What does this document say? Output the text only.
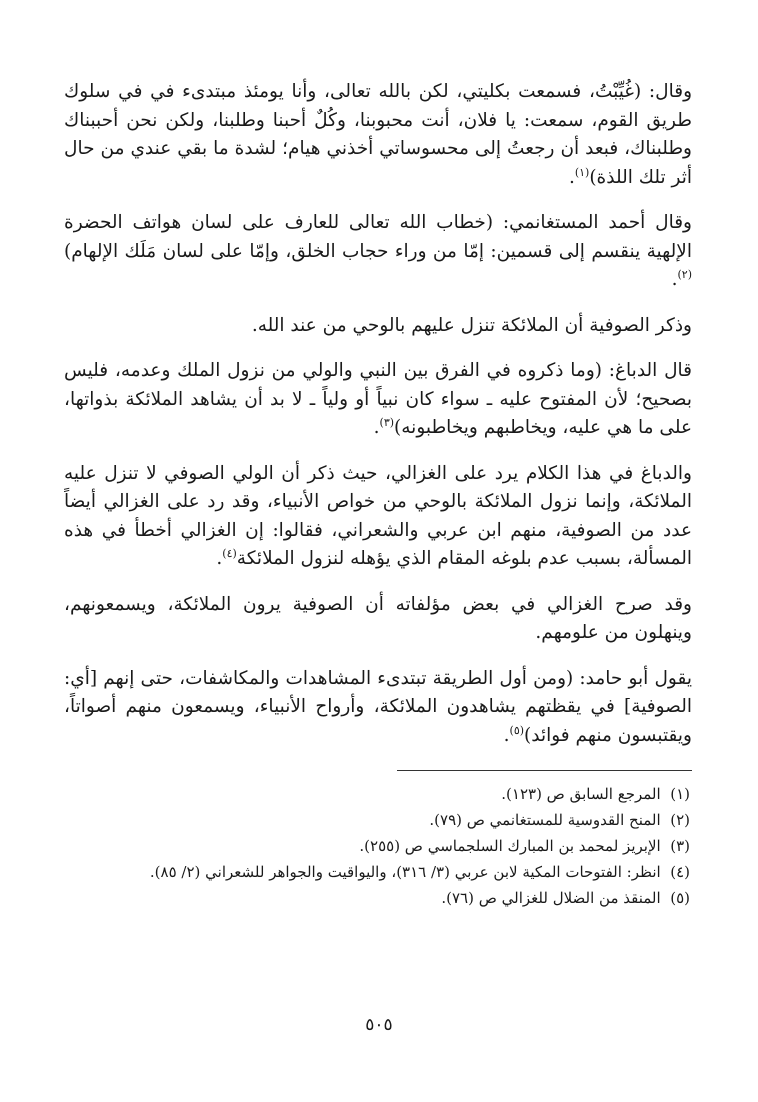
وقال: (غُيِّبْتُ، فسمعت بكليتي، لكن بالله تعالى، وأنا يومئذ مبتدىء في في سلوك طريق القوم، سمعت: يا فلان، أنت محبوبنا، وكُلٌ أحبنا وطلبنا، ولكن نحن أحببناك وطلبناك، فبعد أن رجعتُ إلى محسوساتي أخذني هيام؛ لشدة ما بقي عندي من حال أثر تلك اللذة)$^{(١)}$.

وقال أحمد المستغانمي: (خطاب الله تعالى للعارف على لسان هواتف الحضرة الإلهية ينقسم إلى قسمين: إمّا من وراء حجاب الخلق، وإمّا على لسان مَلَك الإلهام)$^{(٢)}$.

وذكر الصوفية أن الملائكة تنزل عليهم بالوحي من عند الله.

قال الدباغ: (وما ذكروه في الفرق بين النبي والولي من نزول الملك وعدمه، فليس بصحيح؛ لأن المفتوح عليه ـ سواء كان نبياً أو ولياً ـ لا بد أن يشاهد الملائكة بذواتها، على ما هي عليه، ويخاطبهم ويخاطبونه)$^{(٣)}$.

والدباغ في هذا الكلام يرد على الغزالي، حيث ذكر أن الولي الصوفي لا تنزل عليه الملائكة، وإنما نزول الملائكة بالوحي من خواص الأنبياء، وقد رد على الغزالي أيضاً عدد من الصوفية، منهم ابن عربي والشعراني، فقالوا: إن الغزالي أخطأ في هذه المسألة، بسبب عدم بلوغه المقام الذي يؤهله لنزول الملائكة$^{(٤)}$.

وقد صرح الغزالي في بعض مؤلفاته أن الصوفية يرون الملائكة، ويسمعونهم، وينهلون من علومهم.

يقول أبو حامد: (ومن أول الطريقة تبتدىء المشاهدات والمكاشفات، حتى إنهم [أي: الصوفية] في يقظتهم يشاهدون الملائكة، وأرواح الأنبياء، ويسمعون منهم أصواتاً، ويقتبسون منهم فوائد)$^{(٥)}$.

(١)  المرجع السابق ص (١٢٣).

(٢)  المنح القدوسية للمستغانمي ص (٧٩).

(٣)  الإبريز لمحمد بن المبارك السلجماسي ص (٢٥٥).

(٤)  انظر: الفتوحات المكية لابن عربي (٣/ ٣١٦)، واليواقيت والجواهر للشعراني (٢/ ٨٥).

(٥)  المنقذ من الضلال للغزالي ص (٧٦).

٥٠٥
